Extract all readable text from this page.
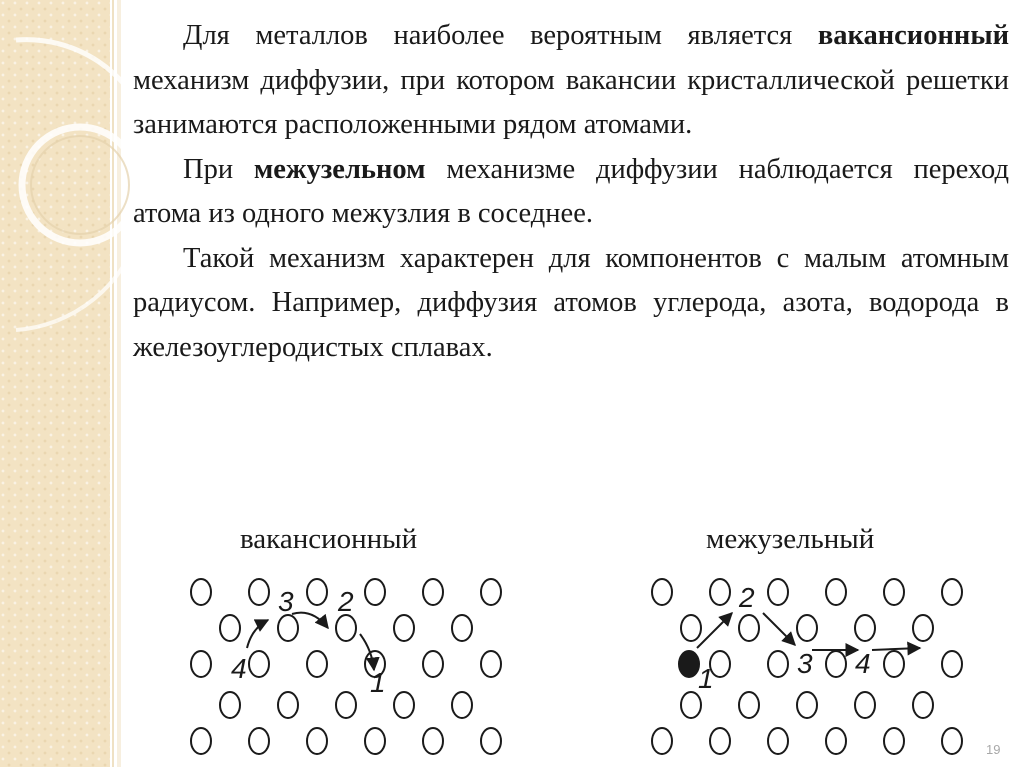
Для металлов наиболее вероятным является вакансионный механизм диффузии, при котором вакансии кристаллической решетки занимаются расположенными рядом атомами.

При межузельном механизме диффузии наблюдается переход атома из одного межузлия в соседнее.

Такой механизм характерен для компонентов с малым атомным радиусом. Например, диффузия атомов углерода, азота, водорода в железоуглеродистых сплавах.

вакансионный	межузельный
1
2
3
4	1
2
3 4
19
